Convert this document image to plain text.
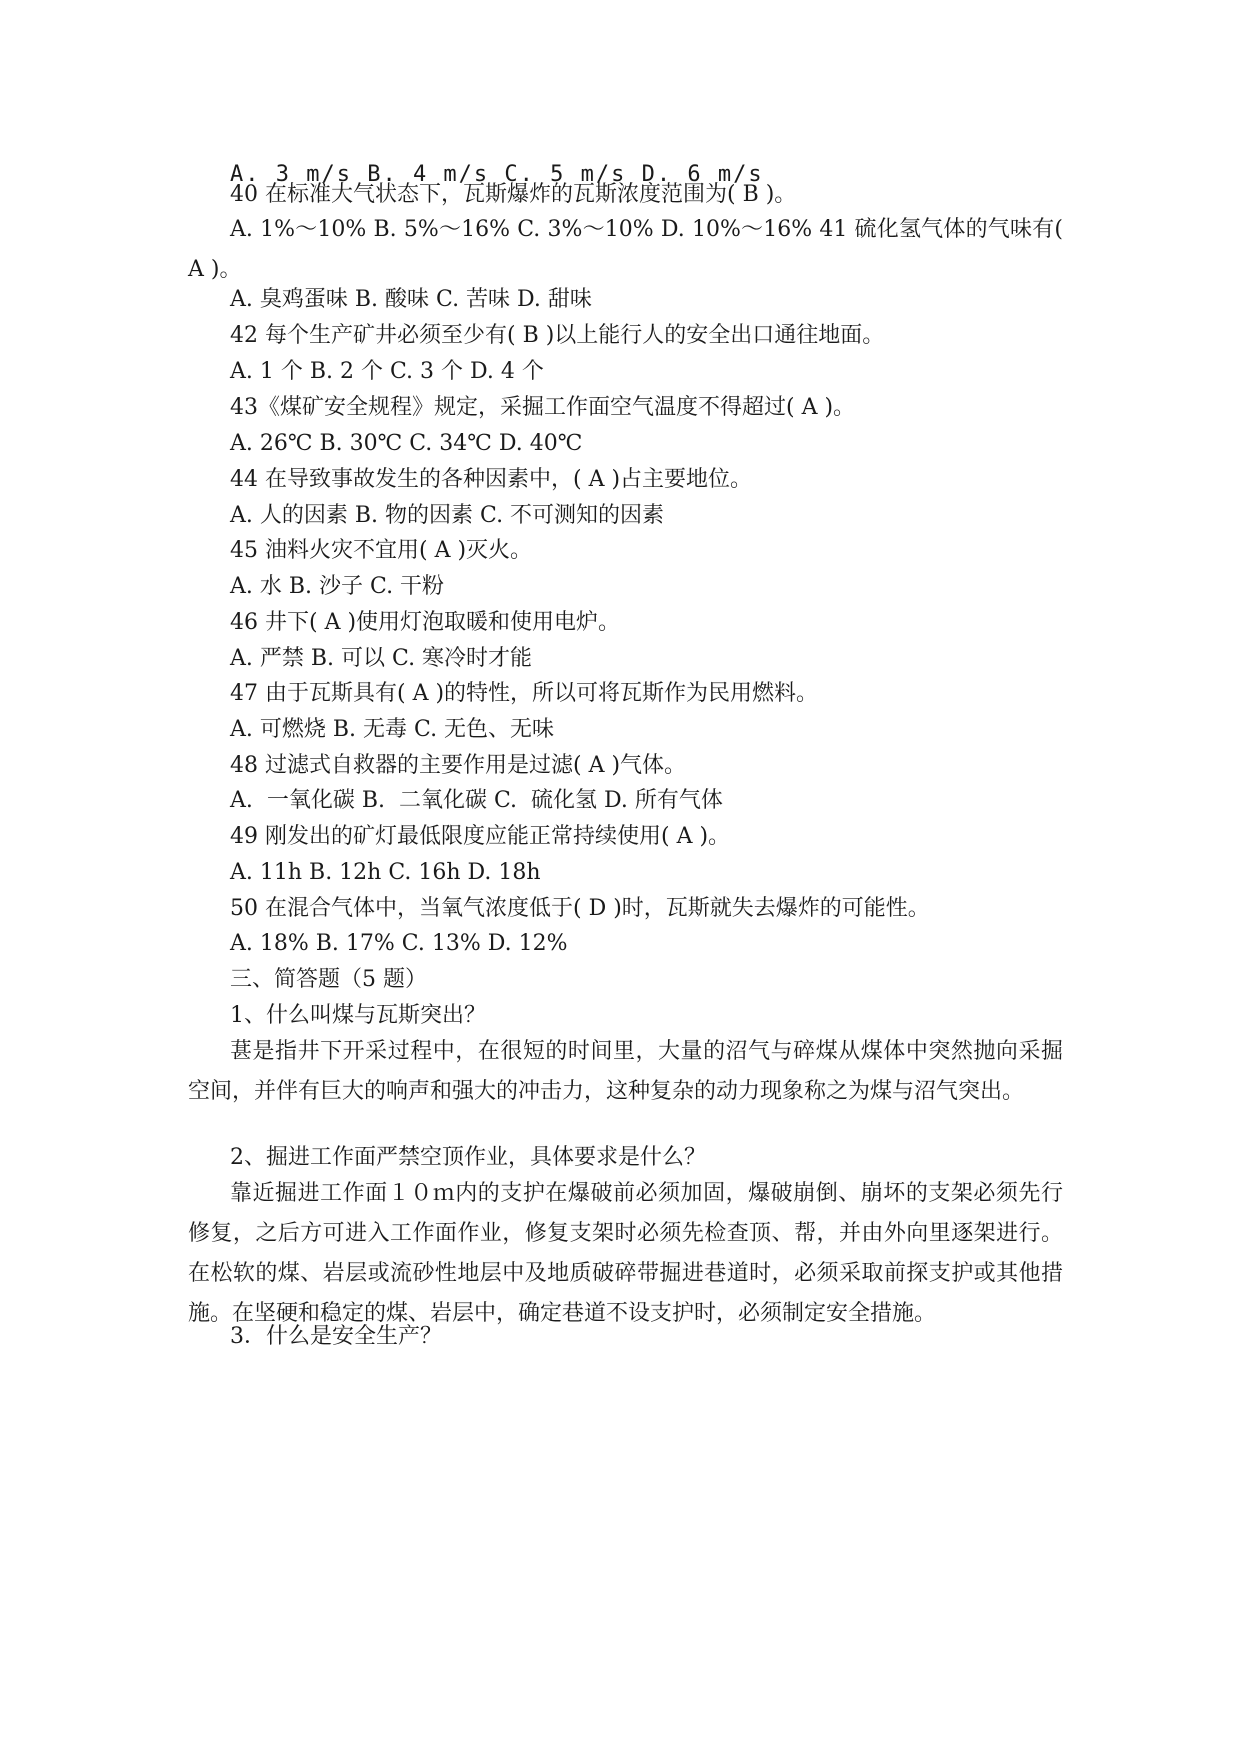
A. 3 m/s B. 4 m/s C. 5 m/s D. 6 m/s
40 在标准大气状态下，瓦斯爆炸的瓦斯浓度范围为( B )。
A. 1%～10% B. 5%～16% C. 3%～10% D. 10%～16% 41 硫化氢气体的气味有( A )。
A. 臭鸡蛋味 B. 酸味 C. 苦味 D. 甜味
42 每个生产矿井必须至少有( B )以上能行人的安全出口通往地面。
A. 1 个 B. 2 个 C. 3 个 D. 4 个
43《煤矿安全规程》规定，采掘工作面空气温度不得超过( A )。
A. 26℃ B. 30℃ C. 34℃ D. 40℃
44 在导致事故发生的各种因素中，( A )占主要地位。
A. 人的因素 B. 物的因素 C. 不可测知的因素
45 油料火灾不宜用( A )灭火。
A. 水 B. 沙子 C. 干粉
46 井下( A )使用灯泡取暖和使用电炉。
A. 严禁 B. 可以 C. 寒冷时才能
47 由于瓦斯具有( A )的特性，所以可将瓦斯作为民用燃料。
A. 可燃烧 B. 无毒 C. 无色、无味
48 过滤式自救器的主要作用是过滤( A )气体。
A.  一氧化碳 B.  二氧化碳 C.  硫化氢 D. 所有气体
49 刚发出的矿灯最低限度应能正常持续使用( A )。
A. 11h B. 12h C. 16h D. 18h
50 在混合气体中，当氧气浓度低于( D )时，瓦斯就失去爆炸的可能性。
A. 18% B. 17% C. 13% D. 12%
三、简答题（5 题）
1、什么叫煤与瓦斯突出？
葚是指井下开采过程中，在很短的时间里，大量的沼气与碎煤从煤体中突然抛向采掘空间，并伴有巨大的响声和强大的冲击力，这种复杂的动力现象称之为煤与沼气突出。
2、掘进工作面严禁空顶作业，具体要求是什么？
靠近掘进工作面１０ｍ内的支护在爆破前必须加固，爆破崩倒、崩坏的支架必须先行修复，之后方可进入工作面作业，修复支架时必须先检查顶、帮，并由外向里逐架进行。在松软的煤、岩层或流砂性地层中及地质破碎带掘进巷道时，必须采取前探支护或其他措施。在坚硬和稳定的煤、岩层中，确定巷道不设支护时，必须制定安全措施。
3．什么是安全生产？
